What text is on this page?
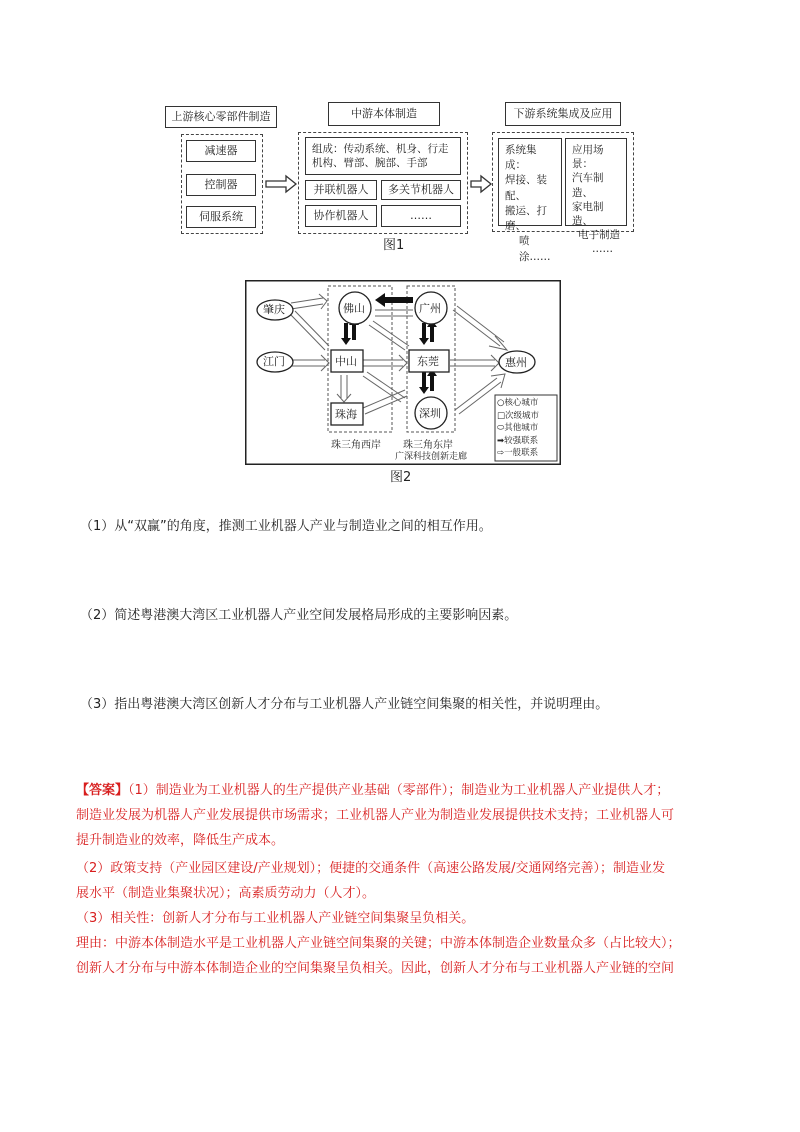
上游核心零部件制造
减速器
控制器
伺服系统
中游本体制造
组成：传动系统、机身、行走
机构、臂部、腕部、手部
并联机器人	多关节机器人
协作机器人	……
下游系统集成及应用
系统集成：
焊接、装配、
搬运、打磨、
喷涂……
应用场景：
汽车制造、
家电制造、
电子制造
……
图1
肇庆	佛山	广州
江门	中山	东莞	惠州
珠海	深圳
珠三角西岸 珠三角东岸
广深科技创新走廊
○核心城市
□次级城市
⬭其他城市
➡较强联系
⇨一般联系
图2
（1）从“双赢”的角度，推测工业机器人产业与制造业之间的相互作用。
（2）简述粤港澳大湾区工业机器人产业空间发展格局形成的主要影响因素。
（3）指出粤港澳大湾区创新人才分布与工业机器人产业链空间集聚的相关性，并说明理由。

【答案】（1）制造业为工业机器人的生产提供产业基础（零部件）；制造业为工业机器人产业提供人才；

制造业发展为机器人产业发展提供市场需求；工业机器人产业为制造业发展提供技术支持；工业机器人可

提升制造业的效率，降低生产成本。

（2）政策支持（产业园区建设/产业规划）；便捷的交通条件（高速公路发展/交通网络完善）；制造业发

展水平（制造业集聚状况）；高素质劳动力（人才）。

（3）相关性：创新人才分布与工业机器人产业链空间集聚呈负相关。

理由：中游本体制造水平是工业机器人产业链空间集聚的关键；中游本体制造企业数量众多（占比较大）；

创新人才分布与中游本体制造企业的空间集聚呈负相关。因此，创新人才分布与工业机器人产业链的空间
